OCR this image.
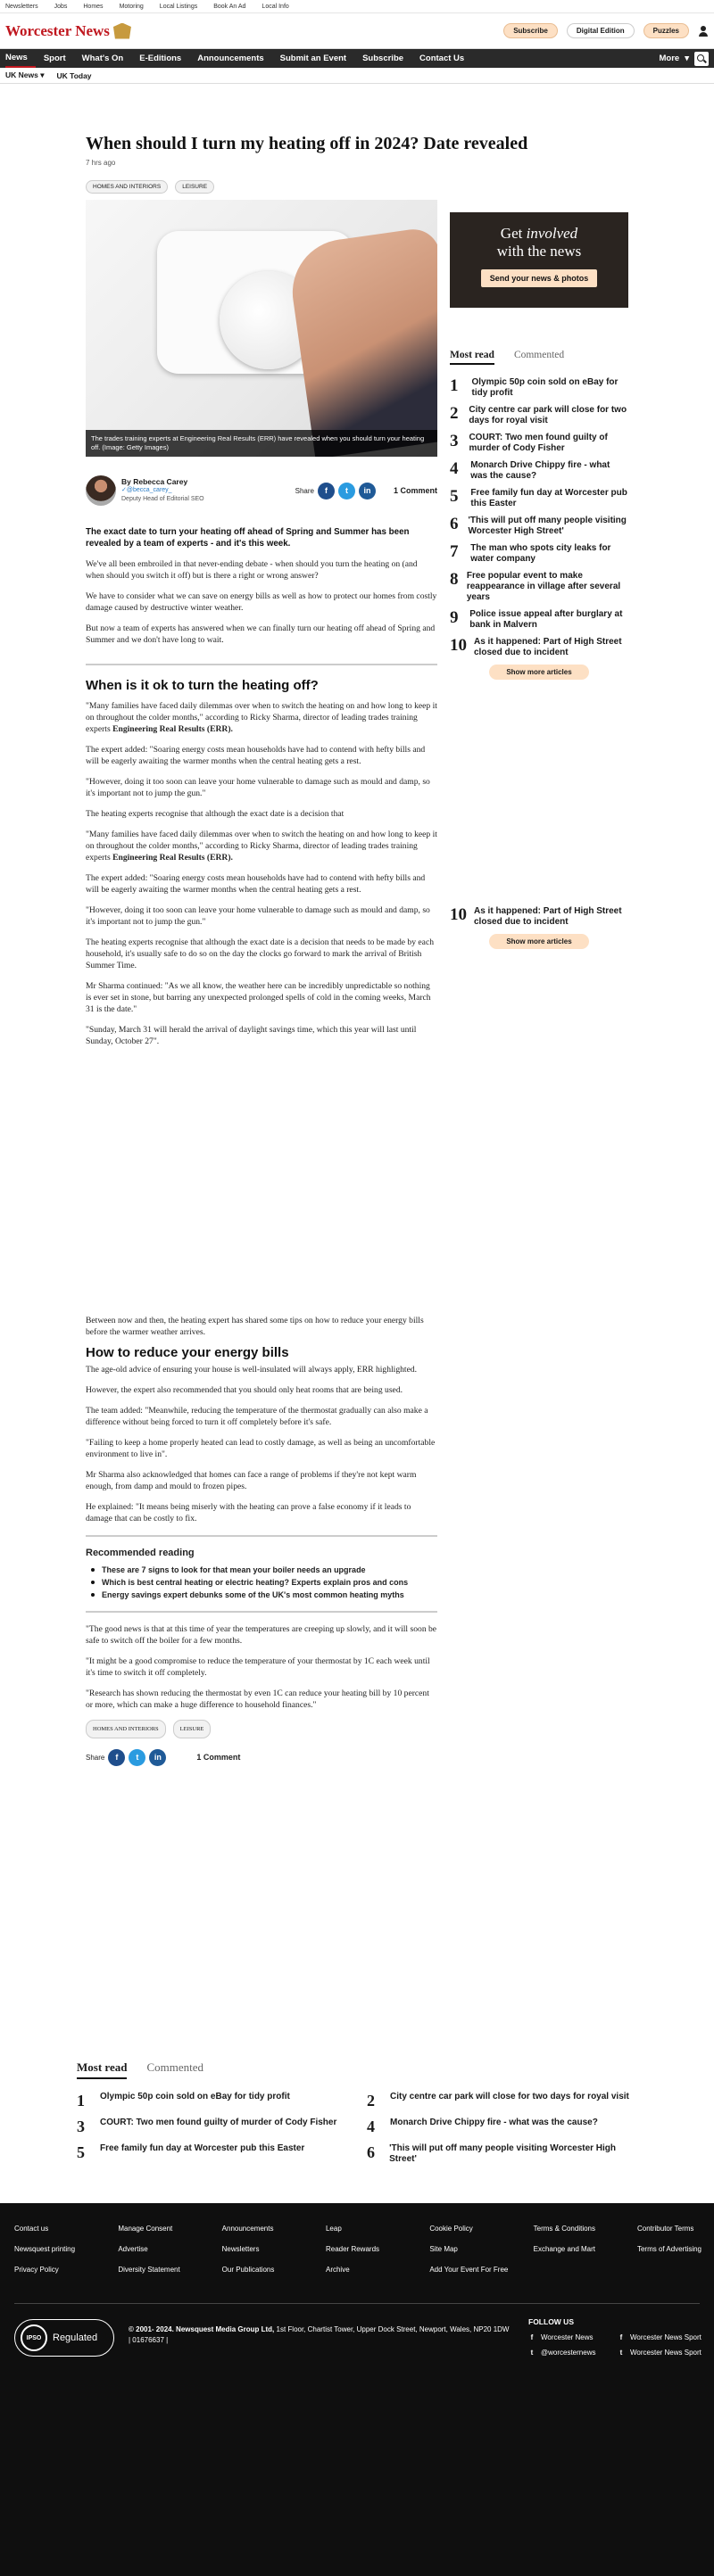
Newsletters	Jobs	Homes	Motoring	Local Listings	Book An Ad	Local Info
Worcester News	Subscribe	Digital Edition	Puzzles
News	Sport	What's On	E-Editions	Announcements	Submit an Event	Subscribe	Contact Us	More ▾
UK News ▾ UK Today
When should I turn my heating off in 2024? Date revealed
7 hrs ago
HOMES AND INTERIORS	LEISURE
The trades training experts at Engineering Real Results (ERR) have revealed when you should turn your heating off. (Image: Getty Images)
By Rebecca Carey
✓@becca_carey_
Deputy Head of Editorial SEO
Share	f	t	in	1 Comment

The exact date to turn your heating off ahead of Spring and Summer has been revealed by a team of experts - and it's this week.

We've all been embroiled in that never-ending debate - when should you turn the heating on (and when should you switch it off) but is there a right or wrong answer?

We have to consider what we can save on energy bills as well as how to protect our homes from costly damage caused by destructive winter weather.

But now a team of experts has answered when we can finally turn our heating off ahead of Spring and Summer and we don't have long to wait.

When is it ok to turn the heating off?

"Many families have faced daily dilemmas over when to switch the heating on and how long to keep it on throughout the colder months," according to Ricky Sharma, director of leading trades training experts Engineering Real Results (ERR).

The expert added: "Soaring energy costs mean households have had to contend with hefty bills and will be eagerly awaiting the warmer months when the central heating gets a rest.

"However, doing it too soon can leave your home vulnerable to damage such as mould and damp, so it's important not to jump the gun."

The heating experts recognise that although the exact date is a decision that

"Many families have faced daily dilemmas over when to switch the heating on and how long to keep it on throughout the colder months," according to Ricky Sharma, director of leading trades training experts Engineering Real Results (ERR).

The expert added: "Soaring energy costs mean households have had to contend with hefty bills and will be eagerly awaiting the warmer months when the central heating gets a rest.

"However, doing it too soon can leave your home vulnerable to damage such as mould and damp, so it's important not to jump the gun."

The heating experts recognise that although the exact date is a decision that needs to be made by each household, it's usually safe to do so on the day the clocks go forward to mark the arrival of British Summer Time.

Mr Sharma continued: "As we all know, the weather here can be incredibly unpredictable so nothing is ever set in stone, but barring any unexpected prolonged spells of cold in the coming weeks, March 31 is the date."

"Sunday, March 31 will herald the arrival of daylight savings time, which this year will last until Sunday, October 27".

Between now and then, the heating expert has shared some tips on how to reduce your energy bills before the warmer weather arrives.

How to reduce your energy bills

The age-old advice of ensuring your house is well-insulated will always apply, ERR highlighted.

However, the expert also recommended that you should only heat rooms that are being used.

The team added: "Meanwhile, reducing the temperature of the thermostat gradually can also make a difference without being forced to turn it off completely before it's safe.

"Failing to keep a home properly heated can lead to costly damage, as well as being an uncomfortable environment to live in".

Mr Sharma also acknowledged that homes can face a range of problems if they're not kept warm enough, from damp and mould to frozen pipes.

He explained: "It means being miserly with the heating can prove a false economy if it leads to damage that can be costly to fix.

Recommended reading
These are 7 signs to look for that mean your boiler needs an upgrade
Which is best central heating or electric heating? Experts explain pros and cons
Energy savings expert debunks some of the UK's most common heating myths

"The good news is that at this time of year the temperatures are creeping up slowly, and it will soon be safe to switch off the boiler for a few months.

"It might be a good compromise to reduce the temperature of your thermostat by 1C each week until it's time to switch it off completely.

"Research has shown reducing the thermostat by even 1C can reduce your heating bill by 10 percent or more, which can make a huge difference to household finances."

HOMES AND INTERIORS	LEISURE
Share	f	t	in	1 Comment
Get involved
with the news
Send your news & photos
Most read Commented
1	Olympic 50p coin sold on eBay for tidy profit
2	City centre car park will close for two days for royal visit
3	COURT: Two men found guilty of murder of Cody Fisher
4	Monarch Drive Chippy fire - what was the cause?
5	Free family fun day at Worcester pub this Easter
6	'This will put off many people visiting Worcester High Street'
7	The man who spots city leaks for water company
8 Free popular event to make reappearance in village after several years
9	Police issue appeal after burglary at bank in Malvern
10 As it happened: Part of High Street closed due to incident
Show more articles
10 As it happened: Part of High Street closed due to incident
Show more articles
Most read Commented
1	Olympic 50p coin sold on eBay for tidy profit	2	City centre car park will close for two days for royal visit
3	COURT: Two men found guilty of murder of Cody Fisher 4	Monarch Drive Chippy fire - what was the cause?
5	Free family fun day at Worcester pub this Easter	6	'This will put off many people visiting Worcester High Street'
Contact us	Manage Consent	Announcements	Leap	Cookie Policy	Terms & Conditions	Contributor Terms
Newsquest printing	Advertise	Newsletters	Reader Rewards	Site Map	Exchange and Mart	Terms of Advertising
Privacy Policy	Diversity Statement	Our Publications	Archive	Add Your Event For Free
IPSO	Regulated
© 2001- 2024. Newsquest Media Group Ltd, 1st Floor, Chartist Tower, Upper Dock Street, Newport, Wales, NP20 1DW | 01676637 |
FOLLOW US
f	Worcester News	f	Worcester News Sport
t	@worcesternews	t	Worcester News Sport
